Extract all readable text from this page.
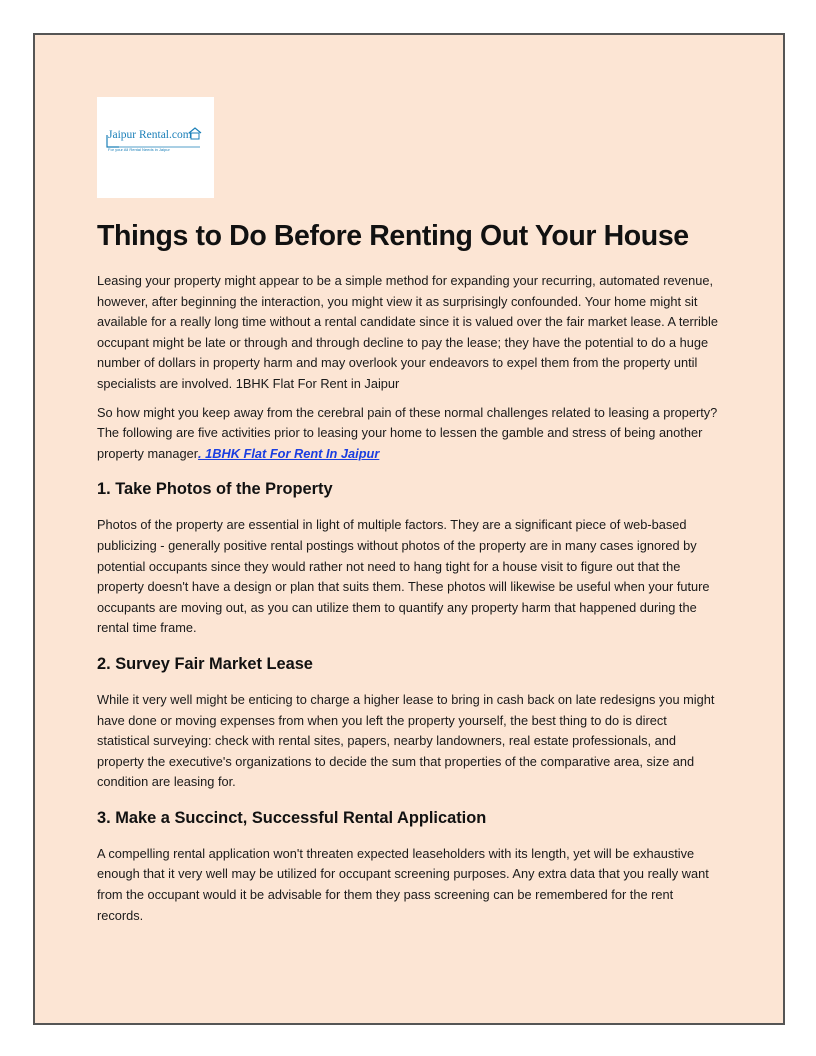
Jaipur Rental.com
For your All Rental Needs in Jaipur
Things to Do Before Renting Out Your House

Leasing your property might appear to be a simple method for expanding your recurring, automated revenue, however, after beginning the interaction, you might view it as surprisingly confounded. Your home might sit available for a really long time without a rental candidate since it is valued over the fair market lease. A terrible occupant might be late or through and through decline to pay the lease; they have the potential to do a huge number of dollars in property harm and may overlook your endeavors to expel them from the property until specialists are involved. 1BHK Flat For Rent in Jaipur

So how might you keep away from the cerebral pain of these normal challenges related to leasing a property? The following are five activities prior to leasing your home to lessen the gamble and stress of being another property manager. 1BHK Flat For Rent In Jaipur

1. Take Photos of the Property

Photos of the property are essential in light of multiple factors. They are a significant piece of web-based publicizing - generally positive rental postings without photos of the property are in many cases ignored by potential occupants since they would rather not need to hang tight for a house visit to figure out that the property doesn't have a design or plan that suits them. These photos will likewise be useful when your future occupants are moving out, as you can utilize them to quantify any property harm that happened during the rental time frame.

2. Survey Fair Market Lease

While it very well might be enticing to charge a higher lease to bring in cash back on late redesigns you might have done or moving expenses from when you left the property yourself, the best thing to do is direct statistical surveying: check with rental sites, papers, nearby landowners, real estate professionals, and property the executive's organizations to decide the sum that properties of the comparative area, size and condition are leasing for.

3. Make a Succinct, Successful Rental Application

A compelling rental application won't threaten expected leaseholders with its length, yet will be exhaustive enough that it very well may be utilized for occupant screening purposes. Any extra data that you really want from the occupant would it be advisable for them they pass screening can be remembered for the rent records.
